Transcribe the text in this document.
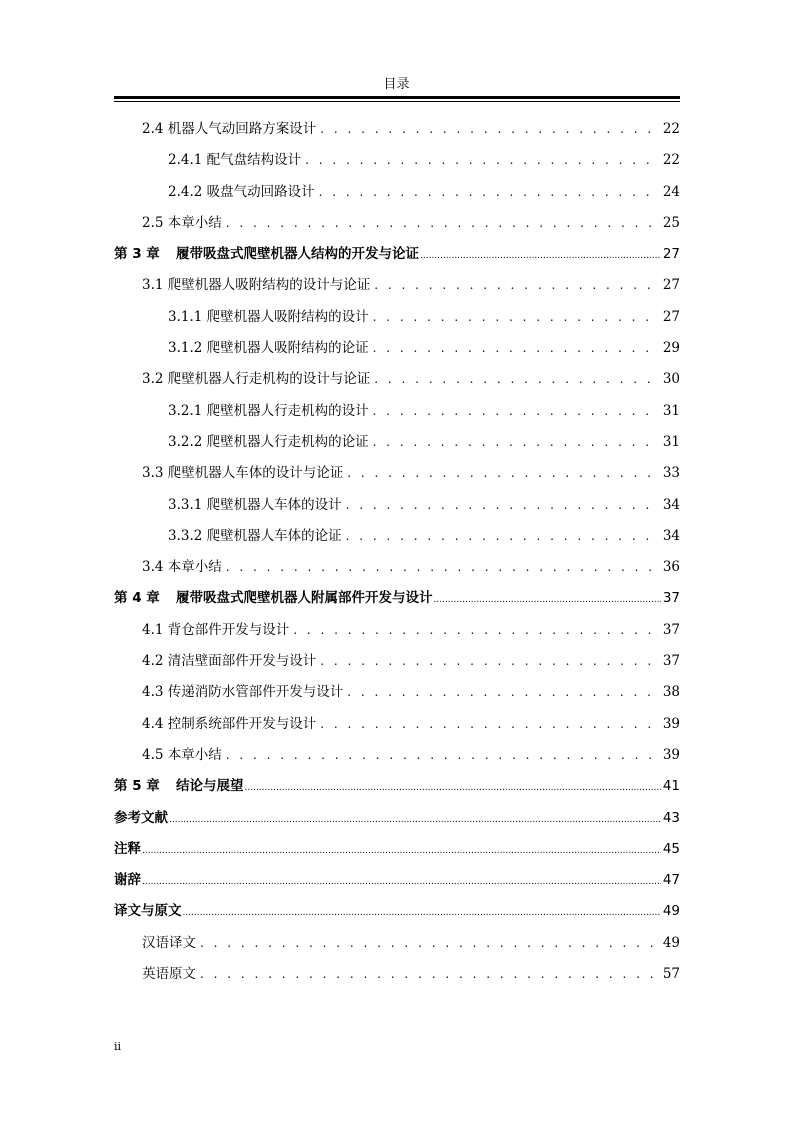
目录
2.4 机器人气动回路方案设计 . . .	22
2.4.1 配气盘结构设计 . . .	22
2.4.2 吸盘气动回路设计 . . .	24
2.5 本章小结 . . .	25
第 3 章 履带吸盘式爬壁机器人结构的开发与论证 .....	27
3.1 爬壁机器人吸附结构的设计与论证 . . .	27
3.1.1 爬壁机器人吸附结构的设计 . . .	27
3.1.2 爬壁机器人吸附结构的论证 . . .	29
3.2 爬壁机器人行走机构的设计与论证 . . .	30
3.2.1 爬壁机器人行走机构的设计 . . .	31
3.2.2 爬壁机器人行走机构的论证 . . .	31
3.3 爬壁机器人车体的设计与论证 . . .	33
3.3.1 爬壁机器人车体的设计 . . .	34
3.3.2 爬壁机器人车体的论证 . . .	34
3.4 本章小结 . . .	36
第 4 章 履带吸盘式爬壁机器人附属部件开发与设计 .....	37
4.1 背仓部件开发与设计 . . .	37
4.2 清洁壁面部件开发与设计 . . .	37
4.3 传递消防水管部件开发与设计 . . .	38
4.4 控制系统部件开发与设计 . . .	39
4.5 本章小结 . . .	39
第 5 章 结论与展望 .....	41
参考文献 .....	43
注释 .....	45
谢辞 .....	47
译文与原文 .....	49
汉语译文 . . .	49
英语原文 . . .	57
ii
